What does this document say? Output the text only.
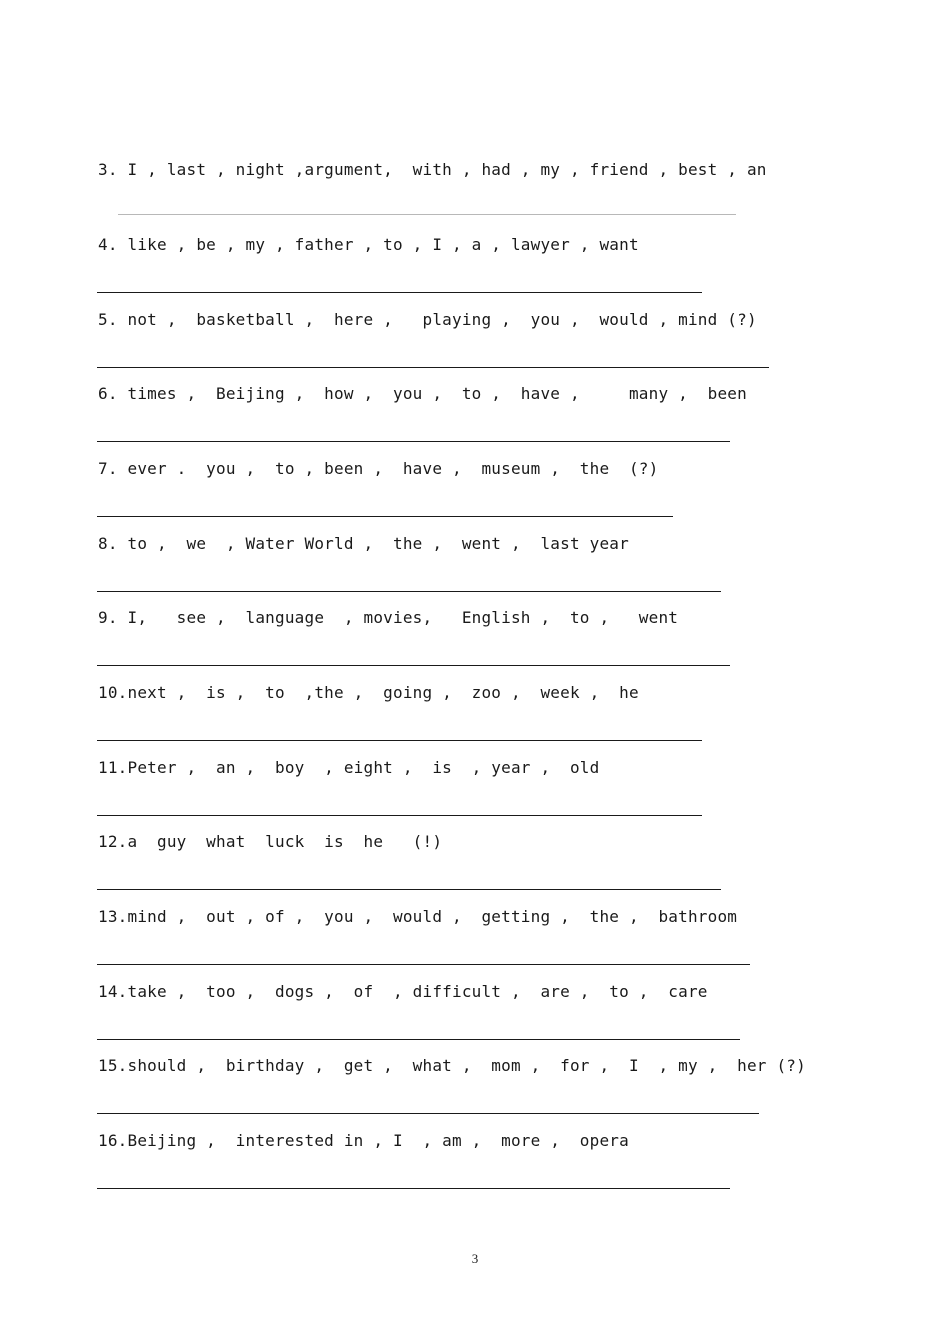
3. I , last , night ,argument,  with , had , my , friend , best , an
4. like , be , my , father , to , I , a , lawyer , want
5. not ,  basketball ,  here ,   playing ,  you ,  would , mind (?)
6. times ,  Beijing ,  how ,  you ,  to ,  have ,     many ,  been
7. ever .  you ,  to , been ,  have ,  museum ,  the  (?)
8. to ,  we  , Water World ,  the ,  went ,  last year
9. I,   see ,  language  , movies,   English ,  to ,   went
10.next ,  is ,  to  ,the ,  going ,  zoo ,  week ,  he
11.Peter ,  an ,  boy  , eight ,  is  , year ,  old
12.a  guy  what  luck  is  he   (!)
13.mind ,  out , of ,  you ,  would ,  getting ,  the ,  bathroom
14.take ,  too ,  dogs ,  of  , difficult ,  are ,  to ,  care
15.should ,  birthday ,  get ,  what ,  mom ,  for ,  I  , my ,  her (?)
16.Beijing ,  interested in , I  , am ,  more ,  opera
3
